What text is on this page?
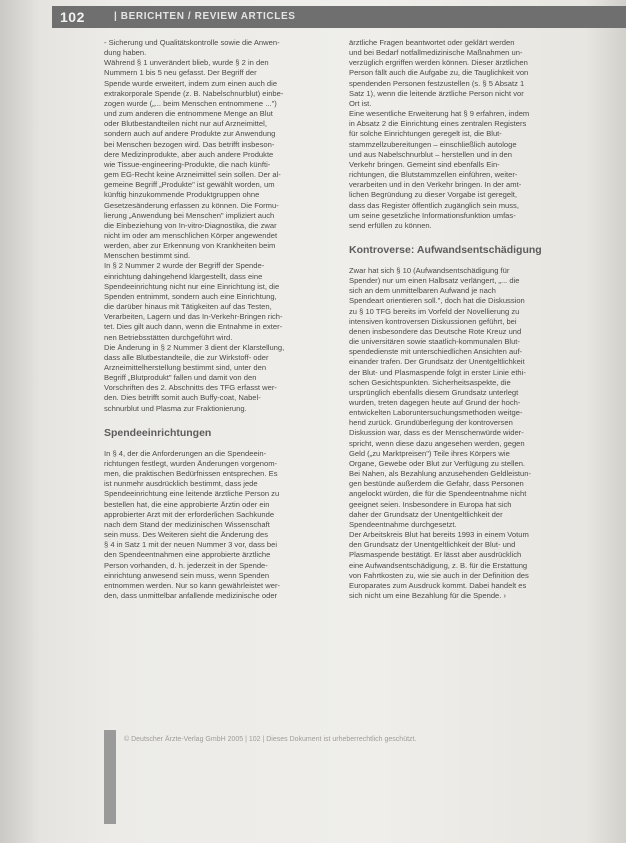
102	| BERICHTEN / REVIEW ARTICLES
- Sicherung und Qualitätskontrolle sowie die Anwen-
dung haben.
Während § 1 unverändert blieb, wurde § 2 in den
Nummern 1 bis 5 neu gefasst. Der Begriff der
Spende wurde erweitert, indem zum einen auch die
extrakorporale Spende (z. B. Nabelschnurblut) einbe-
zogen wurde („... beim Menschen entnommene ...")
und zum anderen die entnommene Menge an Blut
oder Blutbestandteilen nicht nur auf Arzneimittel,
sondern auch auf andere Produkte zur Anwendung
bei Menschen bezogen wird. Das betrifft insbeson-
dere Medizinprodukte, aber auch andere Produkte
wie Tissue-engineering-Produkte, die nach künfti-
gem EG-Recht keine Arzneimittel sein sollen. Der al-
gemeine Begriff „Produkte" ist gewählt worden, um
künftig hinzukommende Produktgruppen ohne
Gesetzesänderung erfassen zu können. Die Formu-
lierung „Anwendung bei Menschen" impliziert auch
die Einbeziehung von In-vitro-Diagnostika, die zwar
nicht im oder am menschlichen Körper angewendet
werden, aber zur Erkennung von Krankheiten beim
Menschen bestimmt sind.
In § 2 Nummer 2 wurde der Begriff der Spende-
einrichtung dahingehend klargestellt, dass eine
Spendeeinrichtung nicht nur eine Einrichtung ist, die
Spenden entnimmt, sondern auch eine Einrichtung,
die darüber hinaus mit Tätigkeiten auf das Testen,
Verarbeiten, Lagern und das In-Verkehr-Bringen rich-
tet. Dies gilt auch dann, wenn die Entnahme in exter-
nen Betriebsstätten durchgeführt wird.
Die Änderung in § 2 Nummer 3 dient der Klarstellung,
dass alle Blutbestandteile, die zur Wirkstoff- oder
Arzneimittelherstellung bestimmt sind, unter den
Begriff „Blutprodukt" fallen und damit von den
Vorschriften des 2. Abschnitts des TFG erfasst wer-
den. Dies betrifft somit auch Buffy-coat, Nabel-
schnurblut und Plasma zur Fraktionierung.
Spendeeinrichtungen
In § 4, der die Anforderungen an die Spendeein-
richtungen festlegt, wurden Änderungen vorgenom-
men, die praktischen Bedürfnissen entsprechen. Es
ist nunmehr ausdrücklich bestimmt, dass jede
Spendeeinrichtung eine leitende ärztliche Person zu
bestellen hat, die eine approbierte Ärztin oder ein
approbierter Arzt mit der erforderlichen Sachkunde
nach dem Stand der medizinischen Wissenschaft
sein muss. Des Weiteren sieht die Änderung des
§ 4 in Satz 1 mit der neuen Nummer 3 vor, dass bei
den Spendeentnahmen eine approbierte ärztliche
Person vorhanden, d. h. jederzeit in der Spende-
einrichtung anwesend sein muss, wenn Spenden
entnommen werden. Nur so kann gewährleistet wer-
den, dass unmittelbar anfallende medizinische oder
ärztliche Fragen beantwortet oder geklärt werden
und bei Bedarf notfallmedizinische Maßnahmen un-
verzüglich ergriffen werden können. Dieser ärztlichen
Person fällt auch die Aufgabe zu, die Tauglichkeit von
spendenden Personen festzustellen (s. § 5 Absatz 1
Satz 1), wenn die leitende ärztliche Person nicht vor
Ort ist.
Eine wesentliche Erweiterung hat § 9 erfahren, indem
in Absatz 2 die Einrichtung eines zentralen Registers
für solche Einrichtungen geregelt ist, die Blut-
stammzellzubereitungen – einschließlich autologe
und aus Nabelschnurblut – herstellen und in den
Verkehr bringen. Gemeint sind ebenfalls Ein-
richtungen, die Blutstammzellen einführen, weiter-
verarbeiten und in den Verkehr bringen. In der amt-
lichen Begründung zu dieser Vorgabe ist geregelt,
dass das Register öffentlich zugänglich sein muss,
um seine gesetzliche Informationsfunktion umfas-
send erfüllen zu können.
Kontroverse: Aufwandsentschädigung
Zwar hat sich § 10 (Aufwandsentschädigung für
Spender) nur um einen Halbsatz verlängert, „... die
sich an dem unmittelbaren Aufwand je nach
Spendeart orientieren soll.", doch hat die Diskussion
zu § 10 TFG bereits im Vorfeld der Novellierung zu
intensiven kontroversen Diskussionen geführt, bei
denen insbesondere das Deutsche Rote Kreuz und
die universitären sowie staatlich-kommunalen Blut-
spendedienste mit unterschiedlichen Ansichten auf-
einander trafen. Der Grundsatz der Unentgeltlichkeit
der Blut- und Plasmaspende folgt in erster Linie ethi-
schen Gesichtspunkten. Sicherheitsaspekte, die
ursprünglich ebenfalls diesem Grundsatz unterlegt
wurden, treten dagegen heute auf Grund der hoch-
entwickelten Laboruntersuchungsmethoden weitge-
hend zurück. Grundüberlegung der kontroversen
Diskussion war, dass es der Menschenwürde wider-
spricht, wenn diese dazu angesehen werden, gegen
Geld („zu Marktpreisen") Teile ihres Körpers wie
Organe, Gewebe oder Blut zur Verfügung zu stellen.
Bei Nahen, als Bezahlung anzusehenden Geldleistun-
gen bestünde außerdem die Gefahr, dass Personen
angelockt würden, die für die Spendeentnahme nicht
geeignet seien. Insbesondere in Europa hat sich
daher der Grundsatz der Unentgeltlichkeit der
Spendeentnahme durchgesetzt.
Der Arbeitskreis Blut hat bereits 1993 in einem Votum
den Grundsatz der Unentgeltlichkeit der Blut- und
Plasmaspende bestätigt. Er lässt aber ausdrücklich
eine Aufwandsentschädigung, z. B. für die Erstattung
von Fahrtkosten zu, wie sie auch in der Definition des
Europarates zum Ausdruck kommt. Dabei handelt es
sich nicht um eine Bezahlung für die Spende. ›
© Deutscher Ärzte-Verlag GmbH 2005 | 102 | Dieses Dokument ist urheberrechtlich geschützt.
